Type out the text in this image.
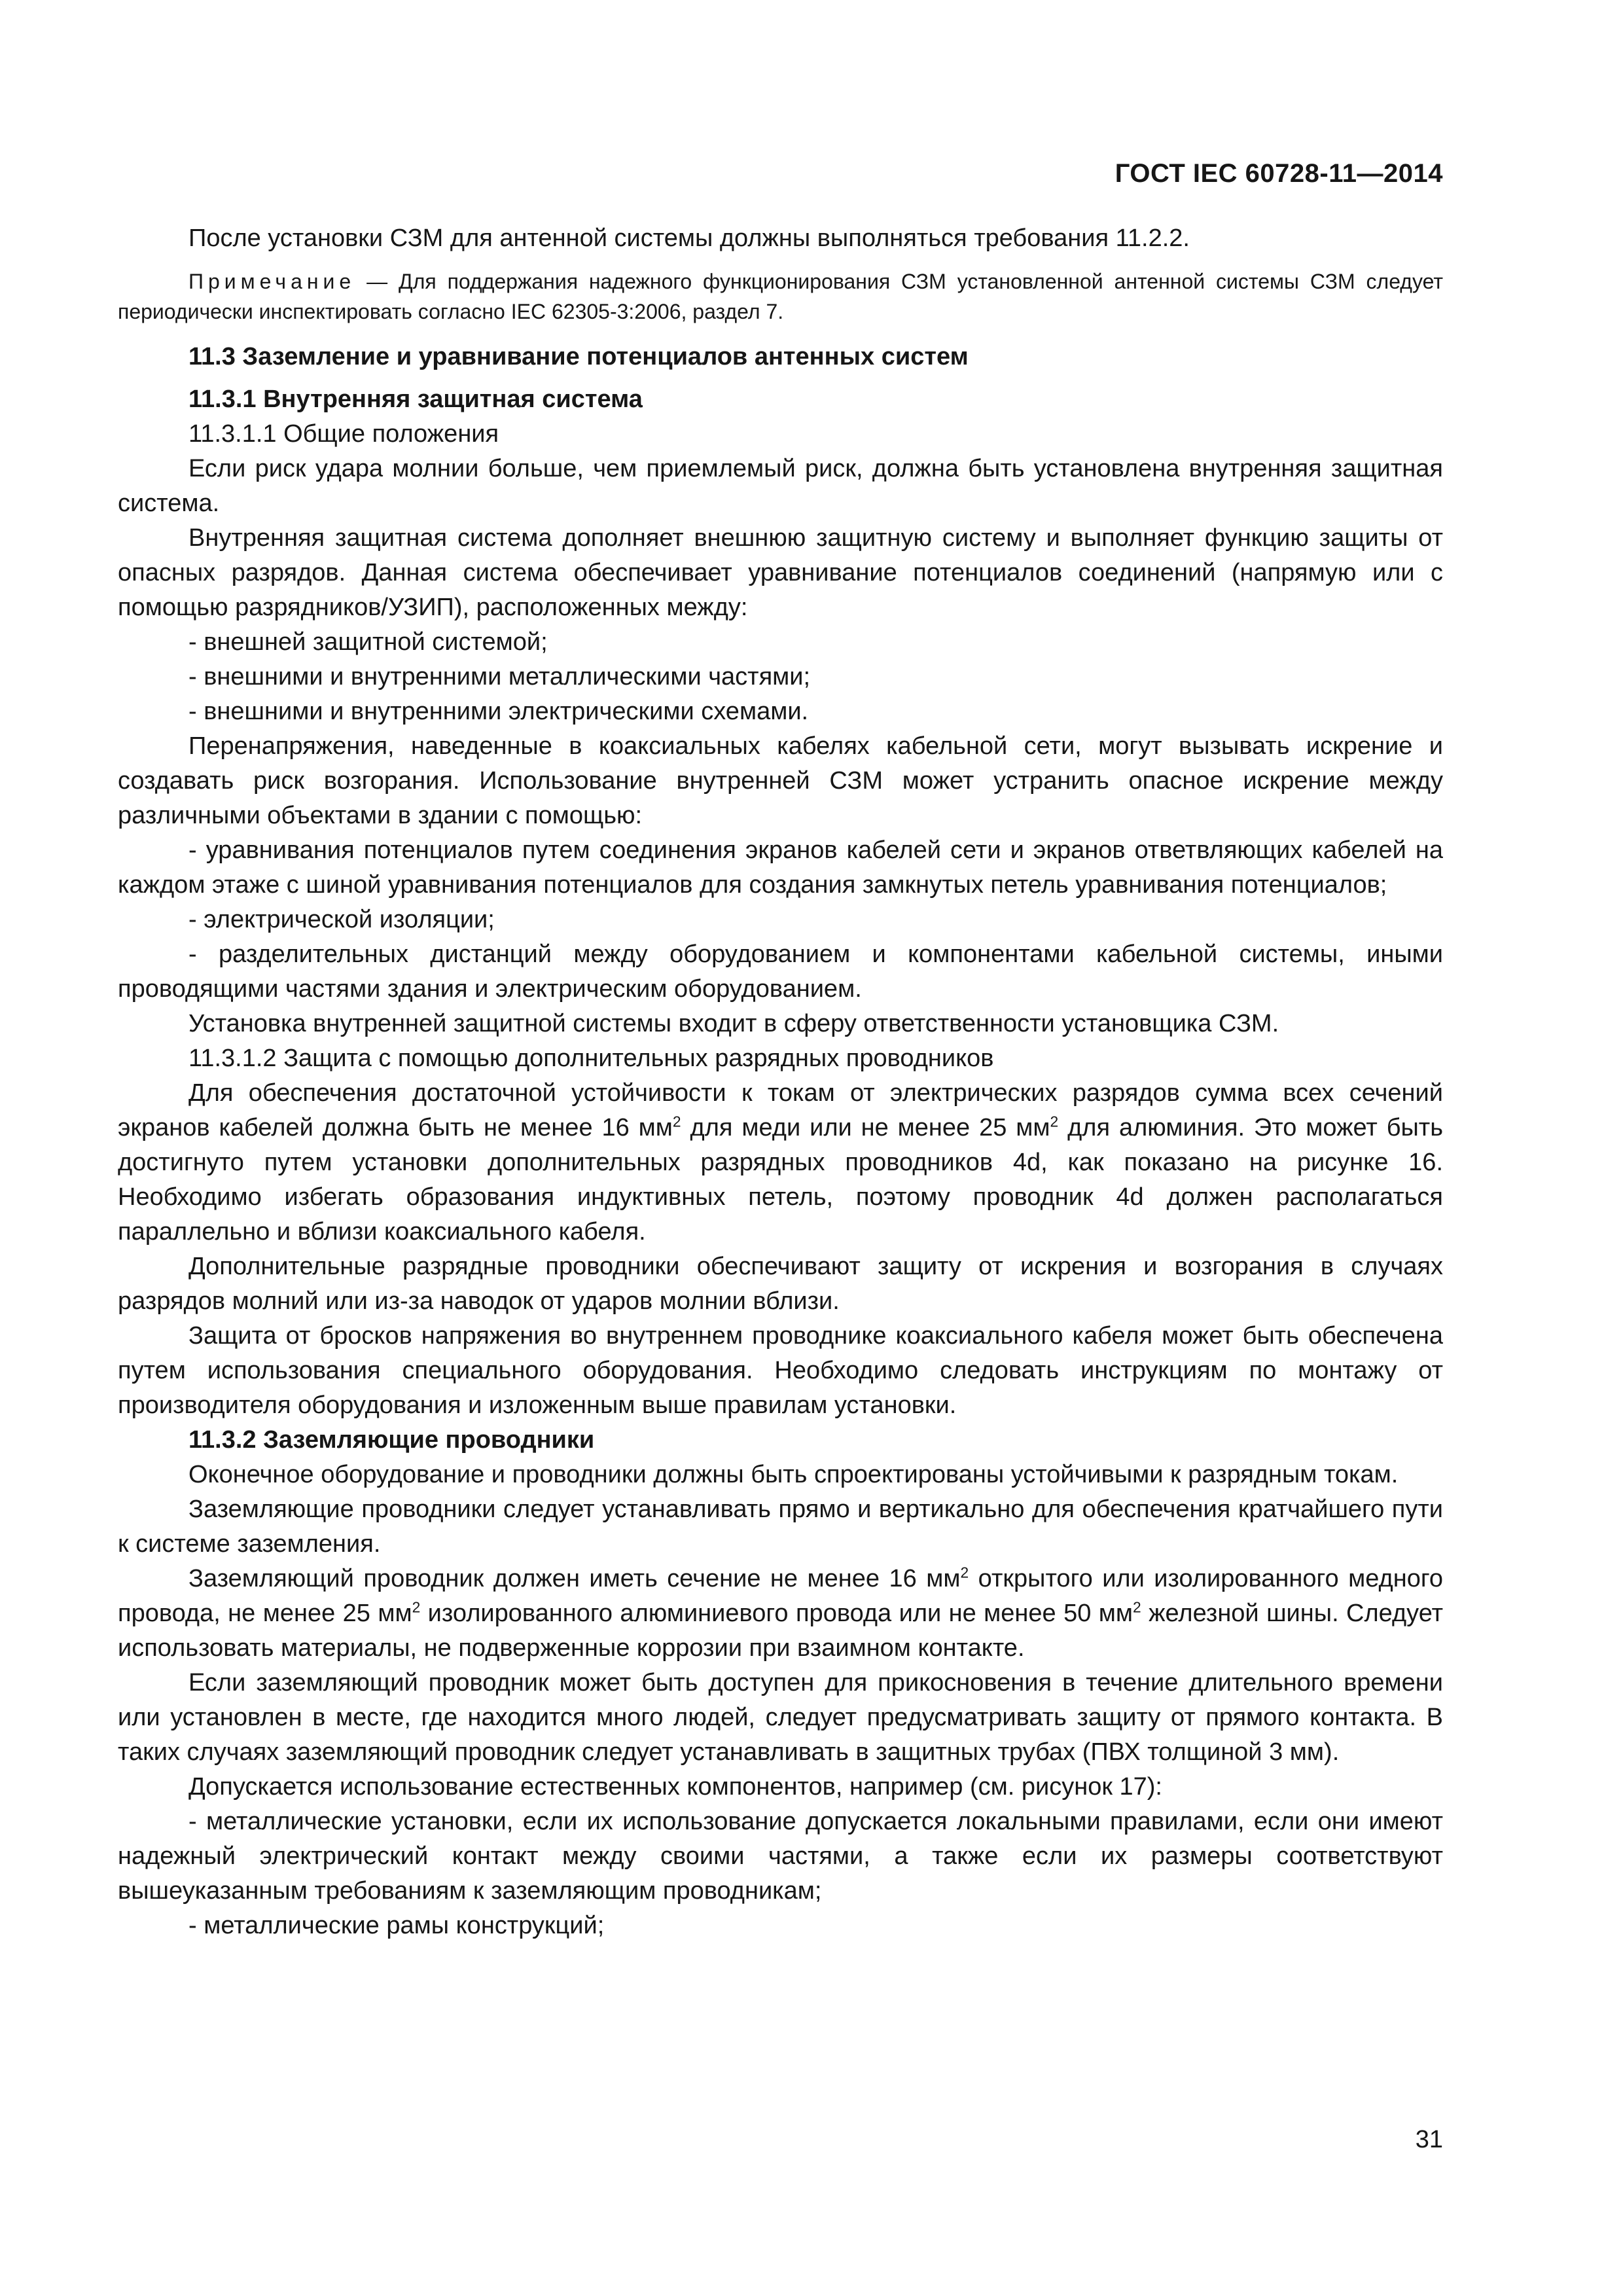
ГОСТ IEC 60728-11—2014

После установки СЗМ для антенной системы должны выполняться требования 11.2.2.

Примечание — Для поддержания надежного функционирования СЗМ установленной антенной системы СЗМ следует периодически инспектировать согласно IEC 62305-3:2006, раздел 7.

11.3 Заземление и уравнивание потенциалов антенных систем

11.3.1 Внутренняя защитная система

11.3.1.1 Общие положения

Если риск удара молнии больше, чем приемлемый риск, должна быть установлена внутренняя защитная система.

Внутренняя защитная система дополняет внешнюю защитную систему и выполняет функцию защиты от опасных разрядов. Данная система обеспечивает уравнивание потенциалов соединений (напрямую или с помощью разрядников/УЗИП), расположенных между:

- внешней защитной системой;

- внешними и внутренними металлическими частями;

- внешними и внутренними электрическими схемами.

Перенапряжения, наведенные в коаксиальных кабелях кабельной сети, могут вызывать искрение и создавать риск возгорания. Использование внутренней СЗМ может устранить опасное искрение между различными объектами в здании с помощью:

- уравнивания потенциалов путем соединения экранов кабелей сети и экранов ответвляющих кабелей на каждом этаже с шиной уравнивания потенциалов для создания замкнутых петель уравнивания потенциалов;

- электрической изоляции;

- разделительных дистанций между оборудованием и компонентами кабельной системы, иными проводящими частями здания и электрическим оборудованием.

Установка внутренней защитной системы входит в сферу ответственности установщика СЗМ.

11.3.1.2 Защита с помощью дополнительных разрядных проводников

Для обеспечения достаточной устойчивости к токам от электрических разрядов сумма всех сечений экранов кабелей должна быть не менее 16 $мм^2$ для меди или не менее 25 $мм^2$ для алюминия. Это может быть достигнуто путем установки дополнительных разрядных проводников 4d, как показано на рисунке 16. Необходимо избегать образования индуктивных петель, поэтому проводник 4d должен располагаться параллельно и вблизи коаксиального кабеля.

Дополнительные разрядные проводники обеспечивают защиту от искрения и возгорания в случаях разрядов молний или из-за наводок от ударов молнии вблизи.

Защита от бросков напряжения во внутреннем проводнике коаксиального кабеля может быть обеспечена путем использования специального оборудования. Необходимо следовать инструкциям по монтажу от производителя оборудования и изложенным выше правилам установки.

11.3.2 Заземляющие проводники

Оконечное оборудование и проводники должны быть спроектированы устойчивыми к разрядным токам.

Заземляющие проводники следует устанавливать прямо и вертикально для обеспечения кратчайшего пути к системе заземления.

Заземляющий проводник должен иметь сечение не менее 16 $мм^2$ открытого или изолированного медного провода, не менее 25 $мм^2$ изолированного алюминиевого провода или не менее 50 $мм^2$ железной шины. Следует использовать материалы, не подверженные коррозии при взаимном контакте.

Если заземляющий проводник может быть доступен для прикосновения в течение длительного времени или установлен в месте, где находится много людей, следует предусматривать защиту от прямого контакта. В таких случаях заземляющий проводник следует устанавливать в защитных трубах (ПВХ толщиной 3 мм).

Допускается использование естественных компонентов, например (см. рисунок 17):

- металлические установки, если их использование допускается локальными правилами, если они имеют надежный электрический контакт между своими частями, а также если их размеры соответствуют вышеуказанным требованиям к заземляющим проводникам;

- металлические рамы конструкций;

31
